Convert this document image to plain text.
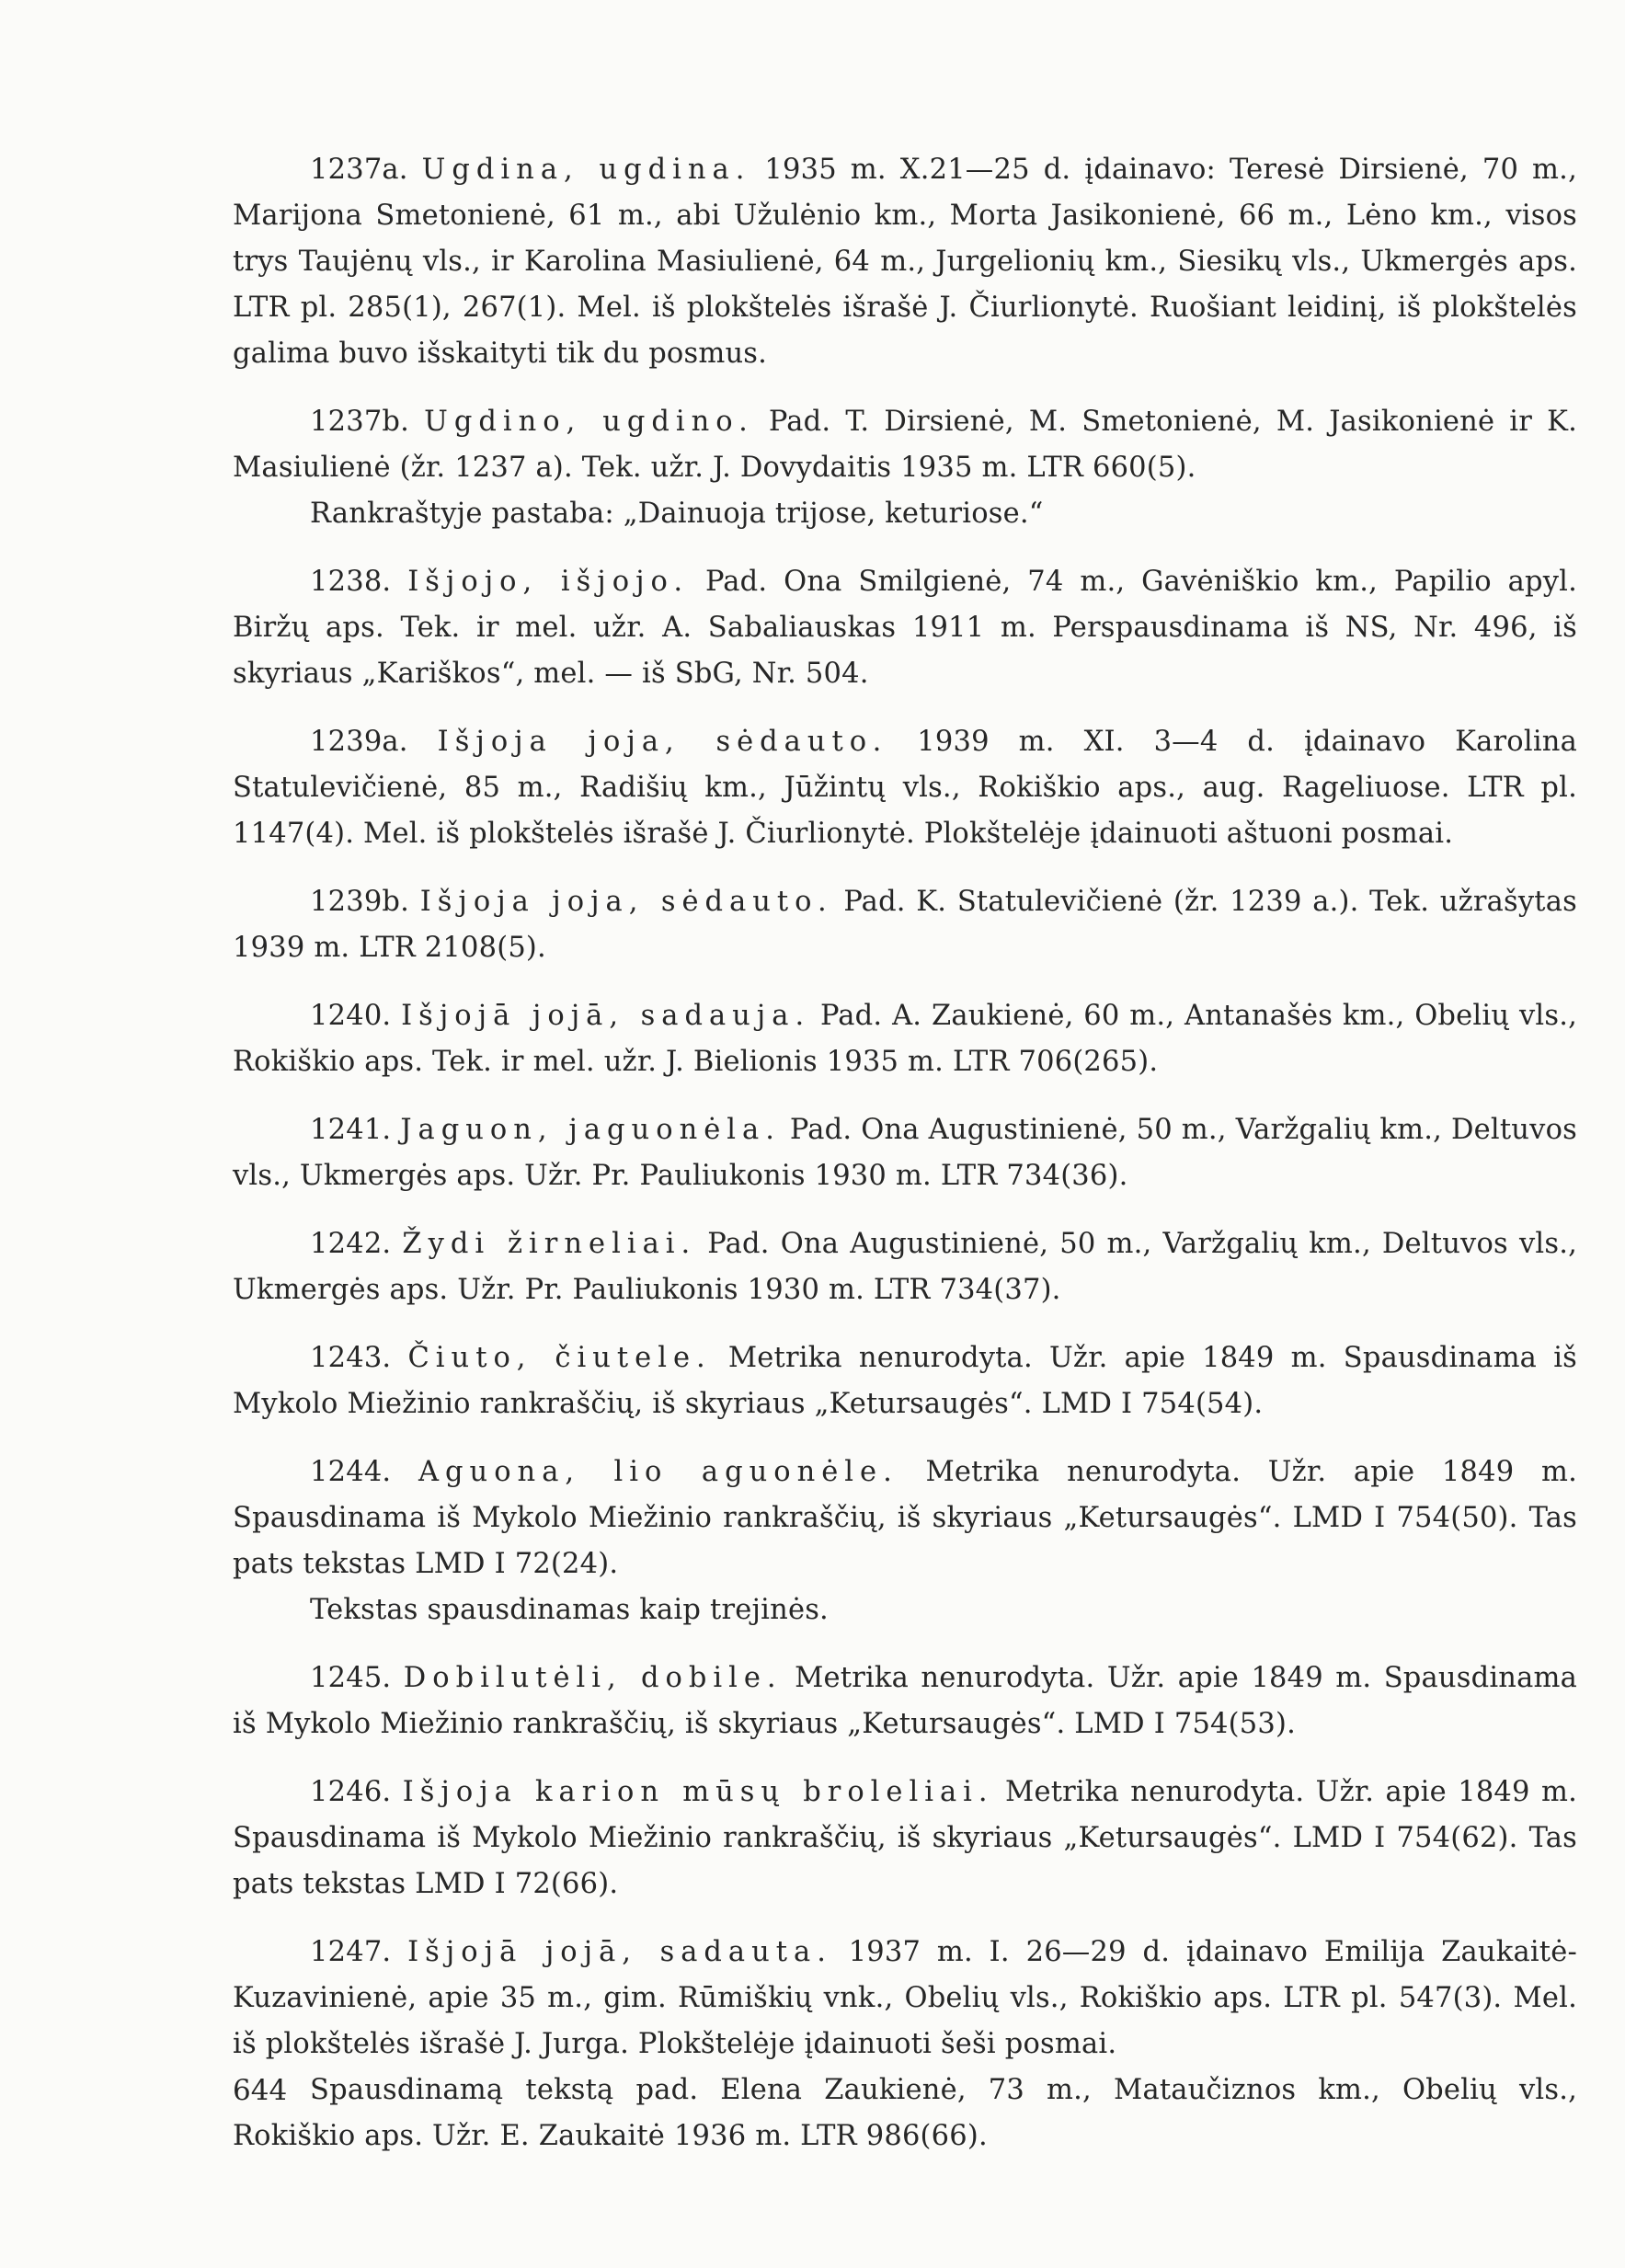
1237a. Ugdina, ugdina. 1935 m. X.21—25 d. įdainavo: Teresė Dirsienė, 70 m., Marijona Smetonienė, 61 m., abi Užulėnio km., Morta Jasikonienė, 66 m., Lėno km., visos trys Taujėnų vls., ir Karolina Masiulienė, 64 m., Jurgelionių km., Siesikų vls., Ukmergės aps. LTR pl. 285(1), 267(1). Mel. iš plokštelės išrašė J. Čiurlionytė. Ruošiant leidinį, iš plokštelės galima buvo išskaityti tik du posmus.

1237b. Ugdino, ugdino. Pad. T. Dirsienė, M. Smetonienė, M. Jasikonienė ir K. Masiulienė (žr. 1237 a). Tek. užr. J. Dovydaitis 1935 m. LTR 660(5).

Rankraštyje pastaba: „Dainuoja trijose, keturiose.“

1238. Išjojo, išjojo. Pad. Ona Smilgienė, 74 m., Gavėniškio km., Papilio apyl. Biržų aps. Tek. ir mel. užr. A. Sabaliauskas 1911 m. Perspausdinama iš NS, Nr. 496, iš skyriaus „Kariškos“, mel. — iš SbG, Nr. 504.

1239a. Išjoja joja, sėdauto. 1939 m. XI. 3—4 d. įdainavo Karolina Statulevičienė, 85 m., Radišių km., Jūžintų vls., Rokiškio aps., aug. Rageliuose. LTR pl. 1147(4). Mel. iš plokštelės išrašė J. Čiurlionytė. Plokštelėje įdainuoti aštuoni posmai.

1239b. Išjoja joja, sėdauto. Pad. K. Statulevičienė (žr. 1239 a.). Tek. užrašytas 1939 m. LTR 2108(5).

1240. Išjojā jojā, sadauja. Pad. A. Zaukienė, 60 m., Antanašės km., Obelių vls., Rokiškio aps. Tek. ir mel. užr. J. Bielionis 1935 m. LTR 706(265).

1241. Jaguon, jaguonėla. Pad. Ona Augustinienė, 50 m., Varžgalių km., Deltuvos vls., Ukmergės aps. Užr. Pr. Pauliukonis 1930 m. LTR 734(36).

1242. Žydi žirneliai. Pad. Ona Augustinienė, 50 m., Varžgalių km., Deltuvos vls., Ukmergės aps. Užr. Pr. Pauliukonis 1930 m. LTR 734(37).

1243. Čiuto, čiutele. Metrika nenurodyta. Užr. apie 1849 m. Spausdinama iš Mykolo Miežinio rankraščių, iš skyriaus „Ketursaugės“. LMD I 754(54).

1244. Aguona, lio aguonėle. Metrika nenurodyta. Užr. apie 1849 m. Spausdinama iš Mykolo Miežinio rankraščių, iš skyriaus „Ketursaugės“. LMD I 754(50). Tas pats tekstas LMD I 72(24).

Tekstas spausdinamas kaip trejinės.

1245. Dobilutėli, dobile. Metrika nenurodyta. Užr. apie 1849 m. Spausdinama iš Mykolo Miežinio rankraščių, iš skyriaus „Ketursaugės“. LMD I 754(53).

1246. Išjoja karion mūsų broleliai. Metrika nenurodyta. Užr. apie 1849 m. Spausdinama iš Mykolo Miežinio rankraščių, iš skyriaus „Ketursaugės“. LMD I 754(62). Tas pats tekstas LMD I 72(66).

1247. Išjojā jojā, sadauta. 1937 m. I. 26—29 d. įdainavo Emilija Zaukaitė-Kuzavinienė, apie 35 m., gim. Rūmiškių vnk., Obelių vls., Rokiškio aps. LTR pl. 547(3). Mel. iš plokštelės išrašė J. Jurga. Plokštelėje įdainuoti šeši posmai.

Spausdinamą tekstą pad. Elena Zaukienė, 73 m., Mataučiznos km., Obelių vls., Rokiškio aps. Užr. E. Zaukaitė 1936 m. LTR 986(66).

644
